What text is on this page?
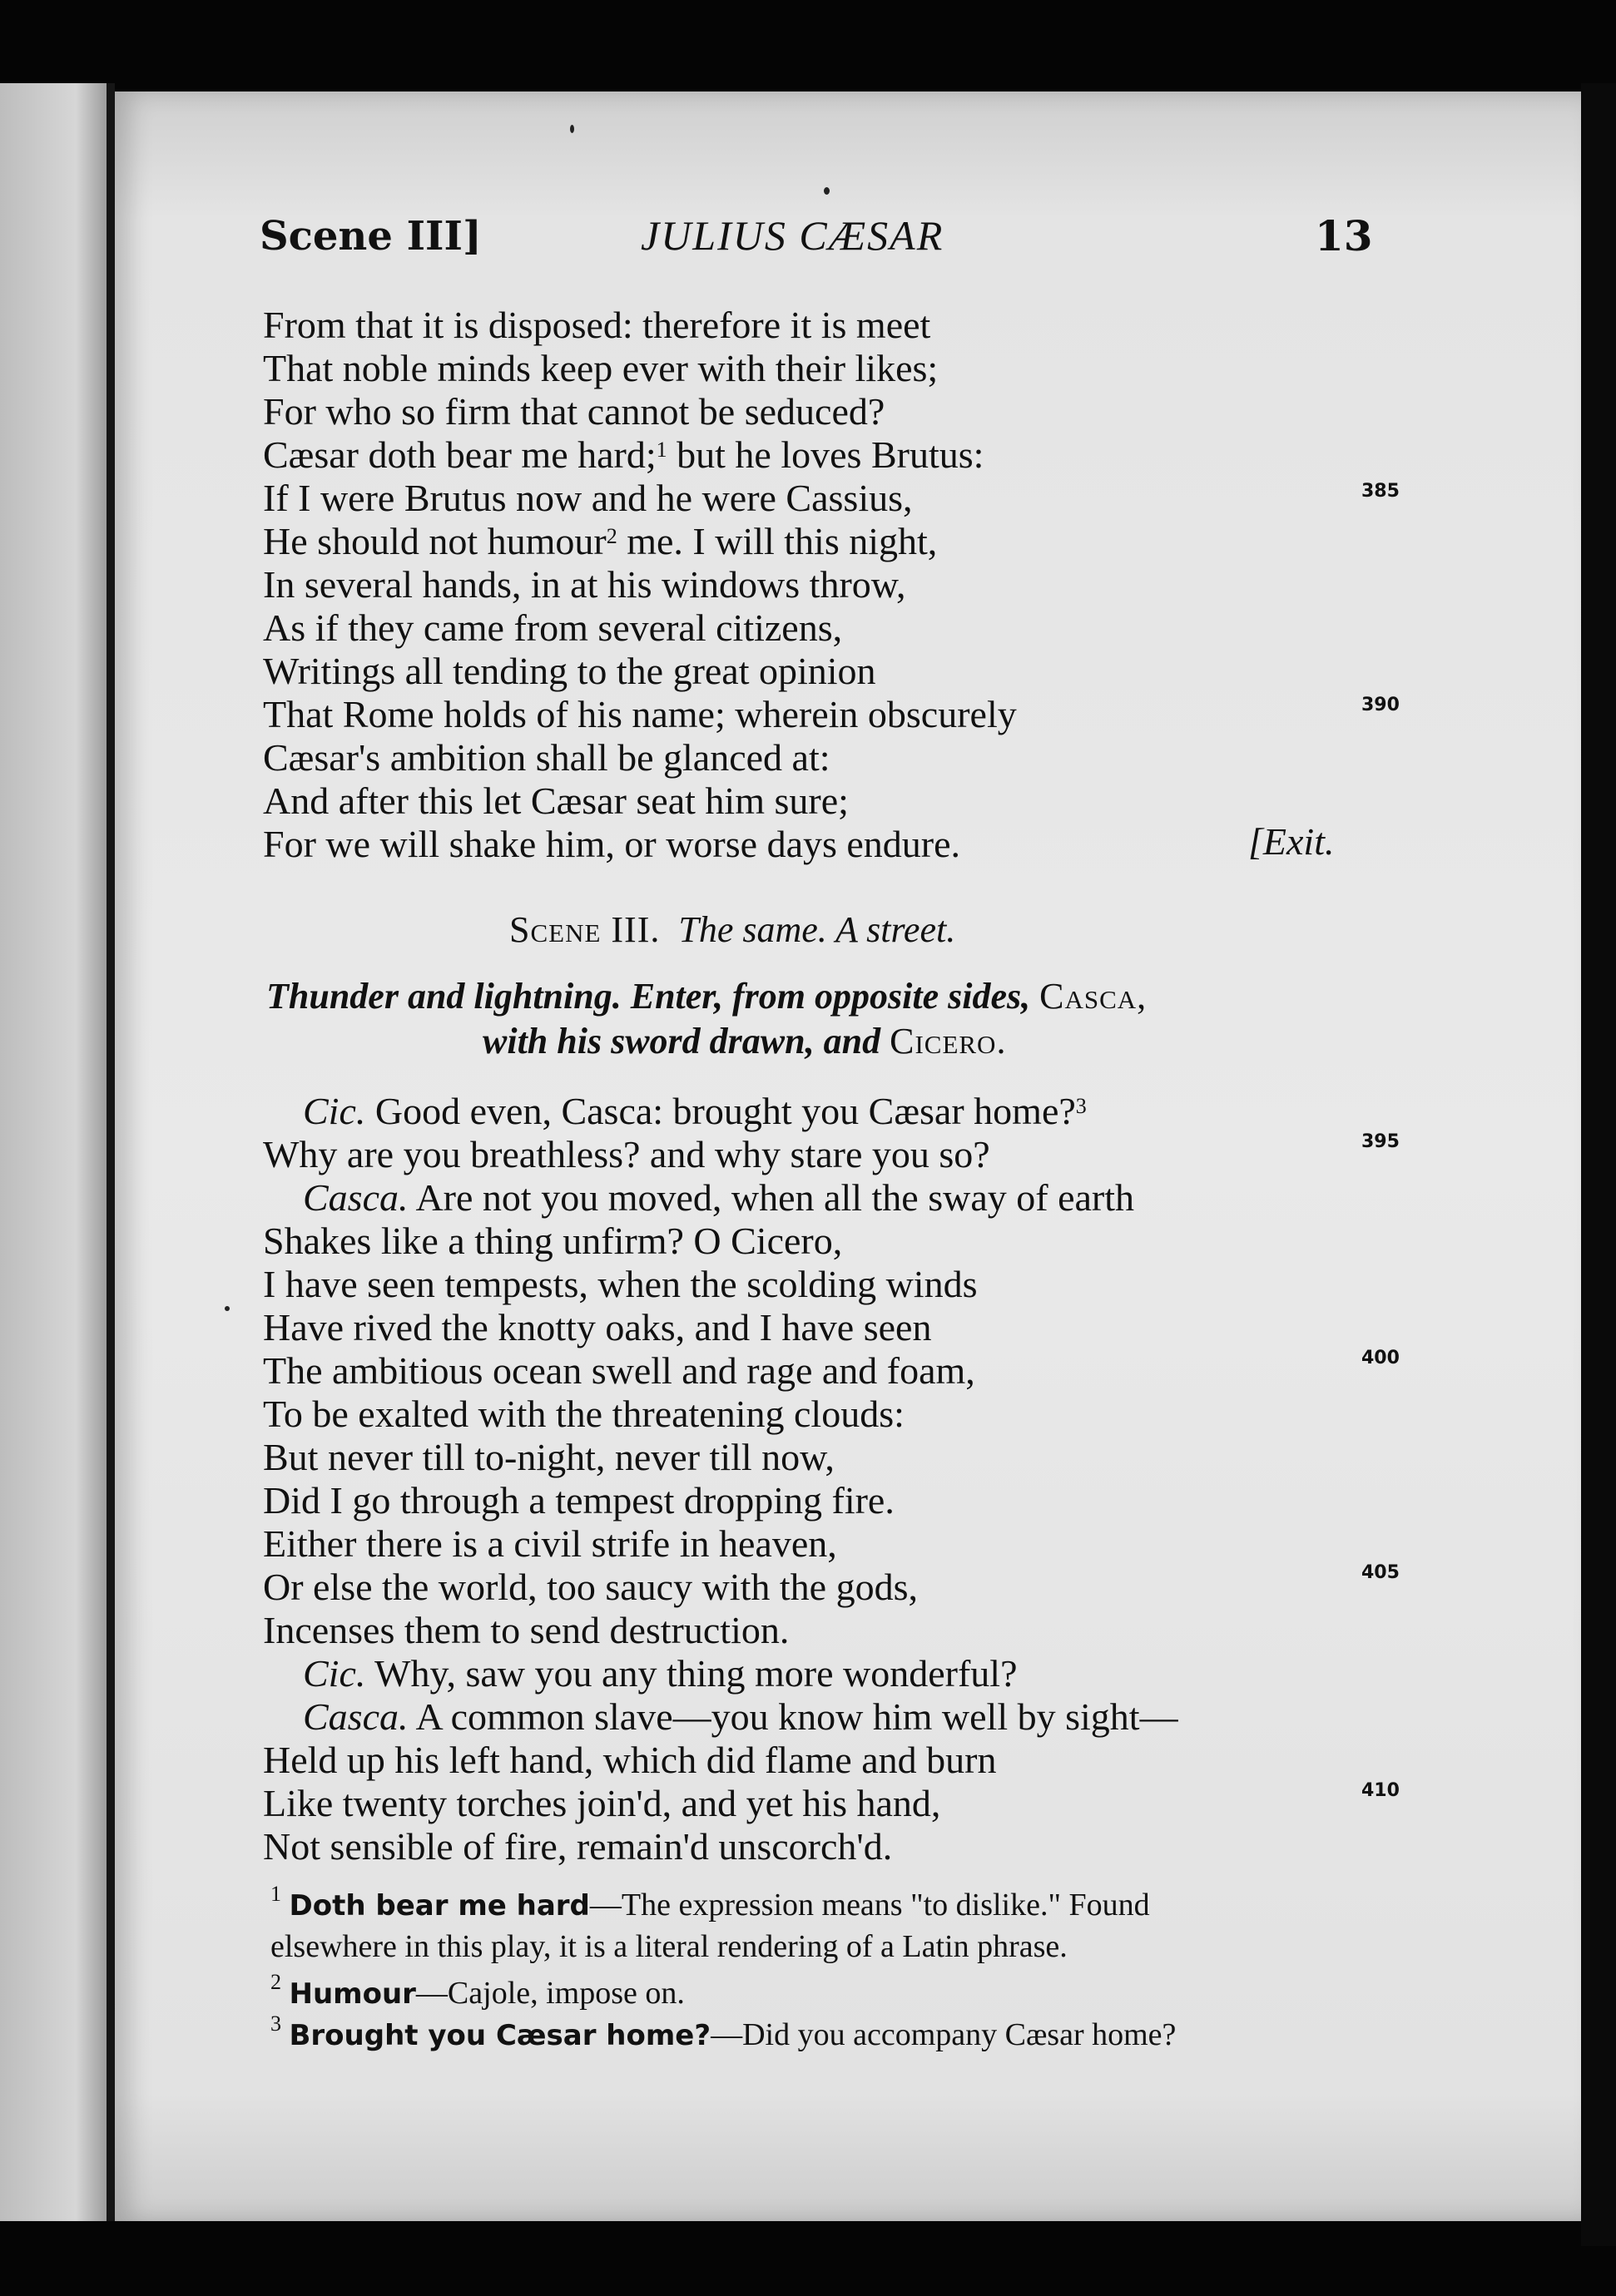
Scene III]	JULIUS CÆSAR	13
From that it is disposed: therefore it is meet
That noble minds keep ever with their likes;
For who so firm that cannot be seduced?
Cæsar doth bear me hard;$^1$ but he loves Brutus:
If I were Brutus now and he were Cassius,
He should not humour$^2$ me. I will this night,
In several hands, in at his windows throw,
As if they came from several citizens,
Writings all tending to the great opinion
That Rome holds of his name; wherein obscurely
Cæsar's ambition shall be glanced at:
And after this let Cæsar seat him sure;
For we will shake him, or worse days endure.	[Exit.
385
390
395
400
405
410
Scene III. The same. A street.
Thunder and lightning. Enter, from opposite sides, Casca,
with his sword drawn, and Cicero.
Cic. Good even, Casca: brought you Cæsar home?$^3$
Why are you breathless? and why stare you so?
Casca. Are not you moved, when all the sway of earth
Shakes like a thing unfirm? O Cicero,
I have seen tempests, when the scolding winds
Have rived the knotty oaks, and I have seen
The ambitious ocean swell and rage and foam,
To be exalted with the threatening clouds:
But never till to-night, never till now,
Did I go through a tempest dropping fire.
Either there is a civil strife in heaven,
Or else the world, too saucy with the gods,
Incenses them to send destruction.
Cic. Why, saw you any thing more wonderful?
Casca. A common slave—you know him well by sight—
Held up his left hand, which did flame and burn
Like twenty torches join'd, and yet his hand,
Not sensible of fire, remain'd unscorch'd.
$^1$ Doth bear me hard—The expression means "to dislike." Found
elsewhere in this play, it is a literal rendering of a Latin phrase.
$^2$ Humour—Cajole, impose on.
$^3$ Brought you Cæsar home?—Did you accompany Cæsar home?
